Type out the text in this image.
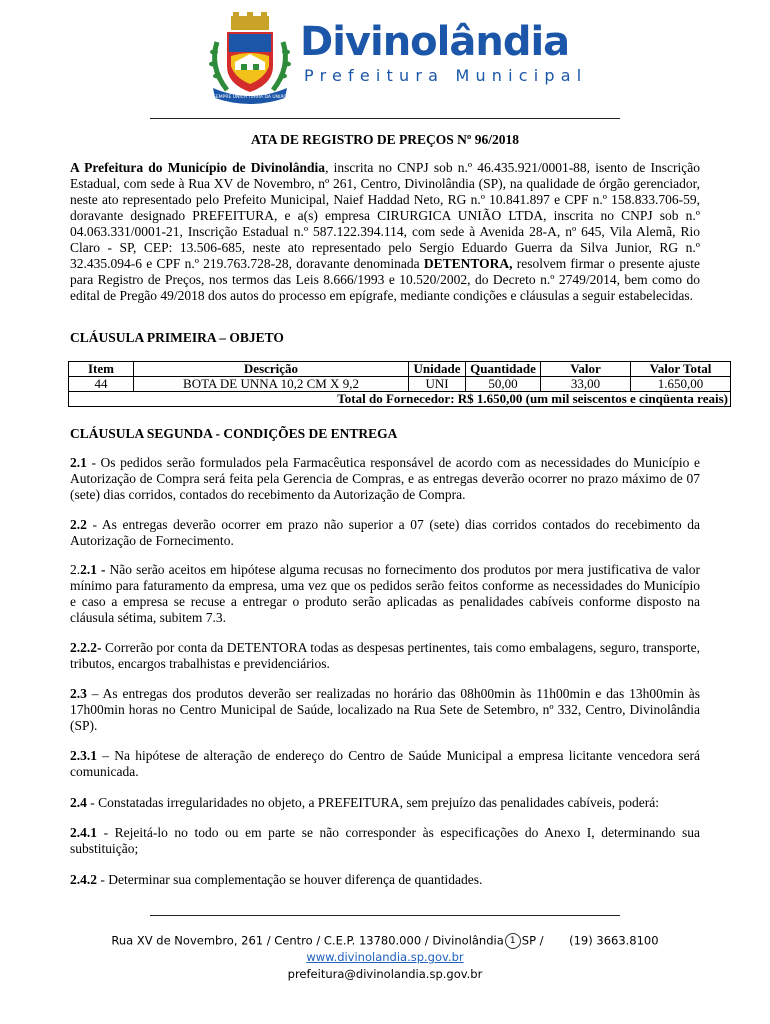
SEMPRE ÚNICA TERRA DA UNIÃO
Divinolândia
Prefeitura Municipal
ATA DE REGISTRO DE PREÇOS Nº 96/2018

A Prefeitura do Município de Divinolândia, inscrita no CNPJ sob n.º 46.435.921/0001-88, isento de Inscrição Estadual, com sede à Rua XV de Novembro, nº 261, Centro, Divinolândia (SP), na qualidade de órgão gerenciador, neste ato representado pelo Prefeito Municipal, Naief Haddad Neto, RG n.º 10.841.897 e CPF n.º 158.833.706-59, doravante designado PREFEITURA, e a(s) empresa CIRURGICA UNIÃO LTDA, inscrita no CNPJ sob n.º 04.063.331/0001-21, Inscrição Estadual n.º 587.122.394.114, com sede à Avenida 28-A, nº 645, Vila Alemã, Rio Claro - SP, CEP: 13.506-685, neste ato representado pelo Sergio Eduardo Guerra da Silva Junior, RG n.º 32.435.094-6 e CPF n.º 219.763.728-28, doravante denominada DETENTORA, resolvem firmar o presente ajuste para Registro de Preços, nos termos das Leis 8.666/1993 e 10.520/2002, do Decreto n.º 2749/2014, bem como do edital de Pregão 49/2018 dos autos do processo em epígrafe, mediante condições e cláusulas a seguir estabelecidas.

CLÁUSULA PRIMEIRA – OBJETO
Item	Descrição	Unidade	Quantidade	Valor	Valor Total
44	BOTA DE UNNA 10,2 CM X 9,2	UNI	50,00	33,00	1.650,00
Total do Fornecedor: R$ 1.650,00 (um mil seiscentos e cinqüenta reais)					
CLÁUSULA SEGUNDA - CONDIÇÕES DE ENTREGA

2.1 - Os pedidos serão formulados pela Farmacêutica responsável de acordo com as necessidades do Município e Autorização de Compra será feita pela Gerencia de Compras, e as entregas deverão ocorrer no prazo máximo de 07 (sete) dias corridos, contados do recebimento da Autorização de Compra.

2.2 - As entregas deverão ocorrer em prazo não superior a 07 (sete) dias corridos contados do recebimento da Autorização de Fornecimento.

2.2.1 - Não serão aceitos em hipótese alguma recusas no fornecimento dos produtos por mera justificativa de valor mínimo para faturamento da empresa, uma vez que os pedidos serão feitos conforme as necessidades do Município e caso a empresa se recuse a entregar o produto serão aplicadas as penalidades cabíveis conforme disposto na cláusula sétima, subitem 7.3.

2.2.2- Correrão por conta da DETENTORA todas as despesas pertinentes, tais como embalagens, seguro, transporte, tributos, encargos trabalhistas e previdenciários.

2.3 – As entregas dos produtos deverão ser realizadas no horário das 08h00min às 11h00min e das 13h00min às 17h00min horas no Centro Municipal de Saúde, localizado na Rua Sete de Setembro, nº 332, Centro, Divinolândia (SP).

2.3.1 – Na hipótese de alteração de endereço do Centro de Saúde Municipal a empresa licitante vencedora será comunicada.

2.4 - Constatadas irregularidades no objeto, a PREFEITURA, sem prejuízo das penalidades cabíveis, poderá:

2.4.1 - Rejeitá-lo no todo ou em parte se não corresponder às especificações do Anexo I, determinando sua substituição;

2.4.2 - Determinar sua complementação se houver diferença de quantidades.

Rua XV de Novembro, 261 / Centro / C.E.P. 13780.000 / Divinolândia 1 SP /       (19) 3663.8100
www.divinolandia.sp.gov.br
prefeitura@divinolandia.sp.gov.br
